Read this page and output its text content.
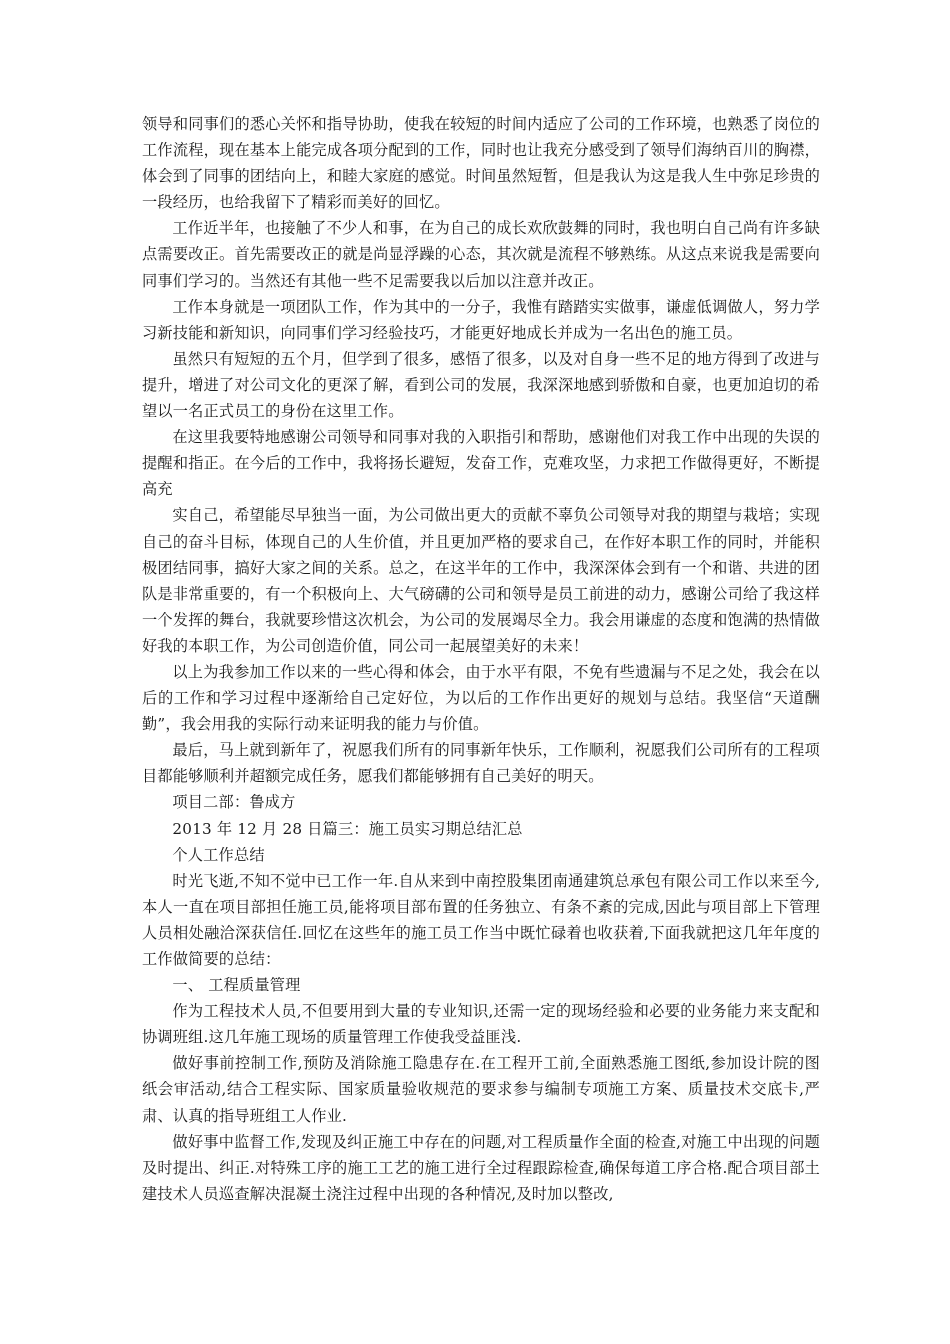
领导和同事们的悉心关怀和指导协助，使我在较短的时间内适应了公司的工作环境，也熟悉了岗位的工作流程，现在基本上能完成各项分配到的工作，同时也让我充分感受到了领导们海纳百川的胸襟，体会到了同事的团结向上，和睦大家庭的感觉。时间虽然短暂，但是我认为这是我人生中弥足珍贵的一段经历，也给我留下了精彩而美好的回忆。

工作近半年，也接触了不少人和事，在为自己的成长欢欣鼓舞的同时，我也明白自己尚有许多缺点需要改正。首先需要改正的就是尚显浮躁的心态，其次就是流程不够熟练。从这点来说我是需要向同事们学习的。当然还有其他一些不足需要我以后加以注意并改正。

工作本身就是一项团队工作，作为其中的一分子，我惟有踏踏实实做事，谦虚低调做人，努力学习新技能和新知识，向同事们学习经验技巧，才能更好地成长并成为一名出色的施工员。

虽然只有短短的五个月，但学到了很多，感悟了很多，以及对自身一些不足的地方得到了改进与提升，增进了对公司文化的更深了解，看到公司的发展，我深深地感到骄傲和自豪，也更加迫切的希望以一名正式员工的身份在这里工作。

在这里我要特地感谢公司领导和同事对我的入职指引和帮助，感谢他们对我工作中出现的失误的提醒和指正。在今后的工作中，我将扬长避短，发奋工作，克难攻坚，力求把工作做得更好，不断提高充

实自己，希望能尽早独当一面，为公司做出更大的贡献不辜负公司领导对我的期望与栽培；实现自己的奋斗目标，体现自己的人生价值，并且更加严格的要求自己，在作好本职工作的同时，并能积极团结同事，搞好大家之间的关系。总之，在这半年的工作中，我深深体会到有一个和谐、共进的团队是非常重要的，有一个积极向上、大气磅礴的公司和领导是员工前进的动力，感谢公司给了我这样一个发挥的舞台，我就要珍惜这次机会，为公司的发展竭尽全力。我会用谦虚的态度和饱满的热情做好我的本职工作，为公司创造价值，同公司一起展望美好的未来！

以上为我参加工作以来的一些心得和体会，由于水平有限，不免有些遗漏与不足之处，我会在以后的工作和学习过程中逐渐给自己定好位，为以后的工作作出更好的规划与总结。我坚信“天道酬勤”，我会用我的实际行动来证明我的能力与价值。

最后，马上就到新年了，祝愿我们所有的同事新年快乐，工作顺利，祝愿我们公司所有的工程项目都能够顺利并超额完成任务，愿我们都能够拥有自己美好的明天。

项目二部：鲁成方

2013 年 12 月 28 日篇三：施工员实习期总结汇总

个人工作总结

时光飞逝,不知不觉中已工作一年.自从来到中南控股集团南通建筑总承包有限公司工作以来至今,本人一直在项目部担任施工员,能将项目部布置的任务独立、有条不紊的完成,因此与项目部上下管理人员相处融洽深获信任.回忆在这些年的施工员工作当中既忙碌着也收获着,下面我就把这几年年度的工作做简要的总结：

一、 工程质量管理

作为工程技术人员,不但要用到大量的专业知识,还需一定的现场经验和必要的业务能力来支配和协调班组.这几年施工现场的质量管理工作使我受益匪浅.

做好事前控制工作,预防及消除施工隐患存在.在工程开工前,全面熟悉施工图纸,参加设计院的图纸会审活动,结合工程实际、国家质量验收规范的要求参与编制专项施工方案、质量技术交底卡,严肃、认真的指导班组工人作业.

做好事中监督工作,发现及纠正施工中存在的问题,对工程质量作全面的检查,对施工中出现的问题及时提出、纠正.对特殊工序的施工工艺的施工进行全过程跟踪检查,确保每道工序合格.配合项目部土建技术人员巡查解决混凝土浇注过程中出现的各种情况,及时加以整改,
